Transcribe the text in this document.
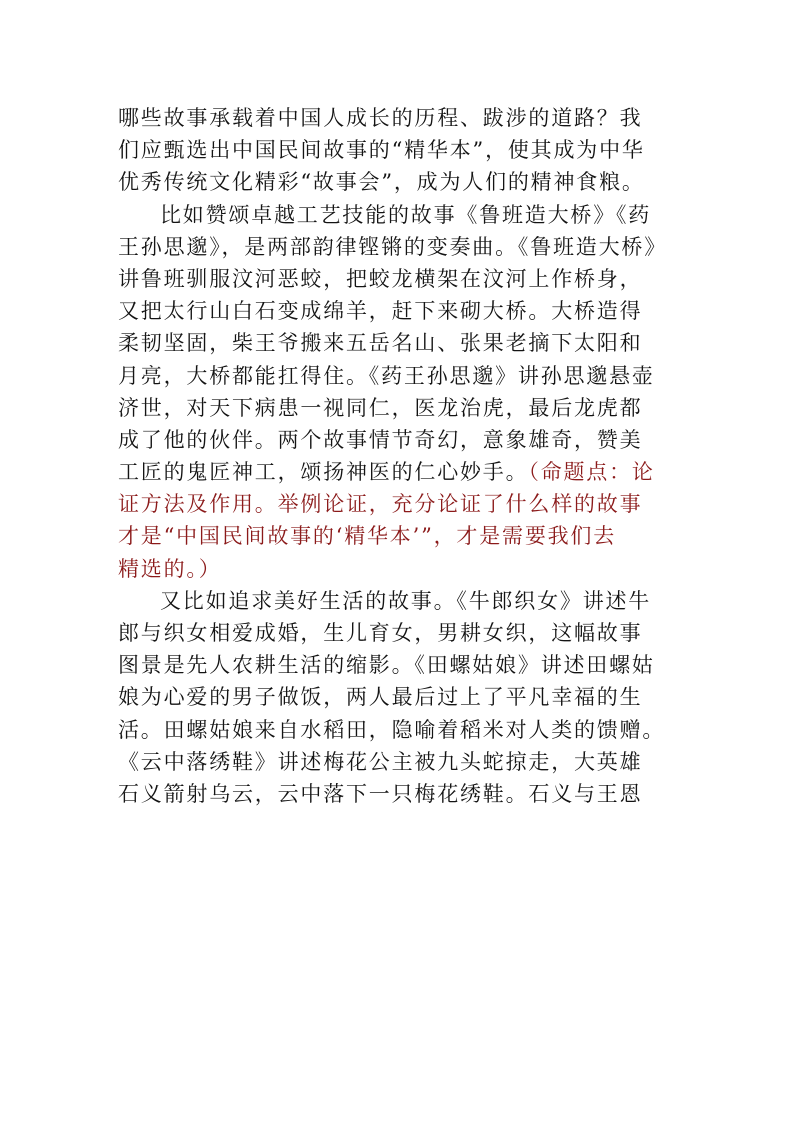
哪些故事承载着中国人成长的历程、跋涉的道路？我
们应甄选出中国民间故事的“精华本”，使其成为中华
优秀传统文化精彩“故事会”，成为人们的精神食粮。
比如赞颂卓越工艺技能的故事《鲁班造大桥》《药
王孙思邈》，是两部韵律铿锵的变奏曲。《鲁班造大桥》
讲鲁班驯服汶河恶蛟，把蛟龙横架在汶河上作桥身，
又把太行山白石变成绵羊，赶下来砌大桥。大桥造得
柔韧坚固，柴王爷搬来五岳名山、张果老摘下太阳和
月亮，大桥都能扛得住。《药王孙思邈》讲孙思邈悬壶
济世，对天下病患一视同仁，医龙治虎，最后龙虎都
成了他的伙伴。两个故事情节奇幻，意象雄奇，赞美
工匠的鬼匠神工，颂扬神医的仁心妙手。（命题点：论
证方法及作用。举例论证，充分论证了什么样的故事
才是“中国民间故事的‘精华本’”，才是需要我们去
精选的。）
又比如追求美好生活的故事。《牛郎织女》讲述牛
郎与织女相爱成婚，生儿育女，男耕女织，这幅故事
图景是先人农耕生活的缩影。《田螺姑娘》讲述田螺姑
娘为心爱的男子做饭，两人最后过上了平凡幸福的生
活。田螺姑娘来自水稻田，隐喻着稻米对人类的馈赠。
《云中落绣鞋》讲述梅花公主被九头蛇掠走，大英雄
石义箭射乌云，云中落下一只梅花绣鞋。石义与王恩
